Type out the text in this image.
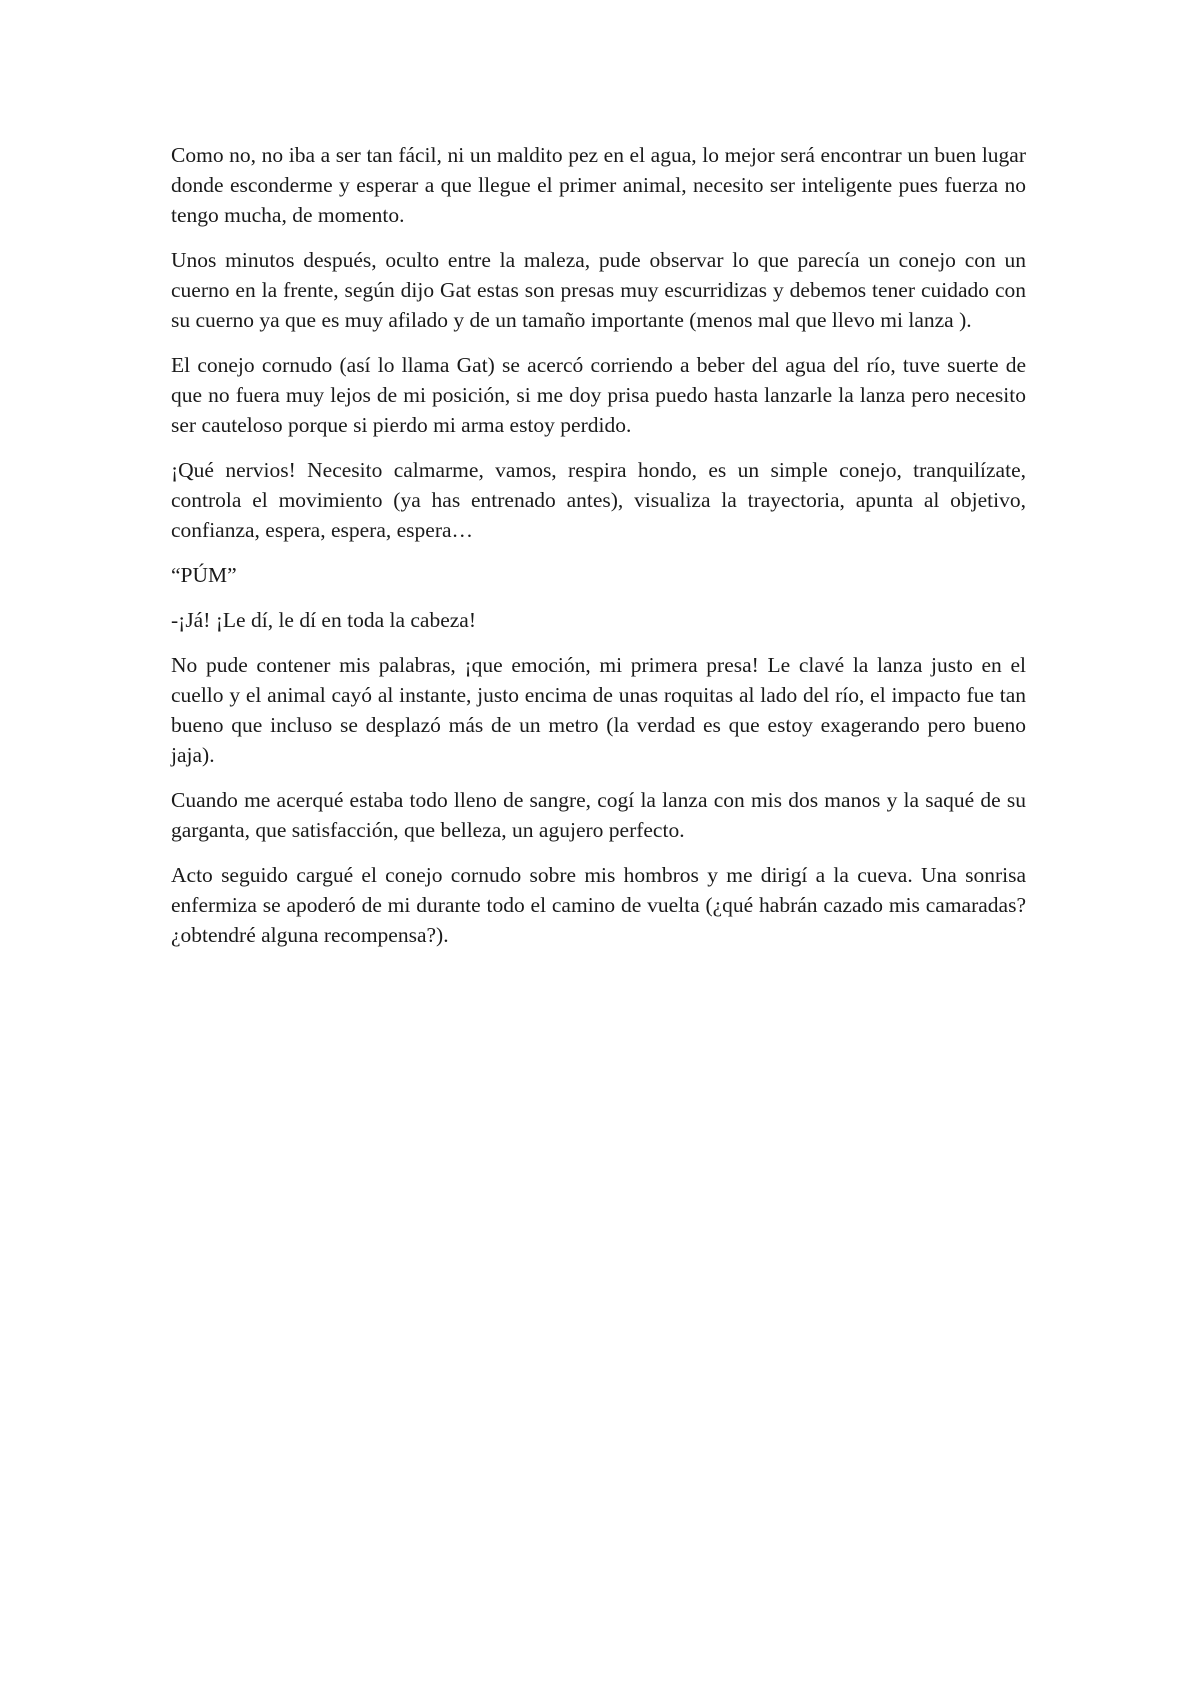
Como no, no iba a ser tan fácil, ni un maldito pez en el agua, lo mejor será encontrar un buen lugar donde esconderme y esperar a que llegue el primer animal, necesito ser inteligente pues fuerza no tengo mucha, de momento.

Unos minutos después, oculto entre la maleza, pude observar lo que parecía un conejo con un cuerno en la frente, según dijo Gat estas son presas muy escurridizas y debemos tener cuidado con su cuerno ya que es muy afilado y de un tamaño importante (menos mal que llevo mi lanza ).

El conejo cornudo (así lo llama Gat) se acercó corriendo a beber del agua del río, tuve suerte de que no fuera muy lejos de mi posición, si me doy prisa puedo hasta lanzarle la lanza pero necesito ser cauteloso porque si pierdo mi arma estoy perdido.

¡Qué nervios! Necesito calmarme, vamos, respira hondo, es un simple conejo, tranquilízate, controla el movimiento (ya has entrenado antes), visualiza la trayectoria, apunta al objetivo, confianza, espera, espera, espera…

“PÚM”

-¡Já! ¡Le dí, le dí en toda la cabeza!

No pude contener mis palabras, ¡que emoción, mi primera presa! Le clavé la lanza justo en el cuello y el animal cayó al instante, justo encima de unas roquitas al lado del río, el impacto fue tan bueno que incluso se desplazó más de un metro (la verdad es que estoy exagerando pero bueno jaja).

Cuando me acerqué estaba todo lleno de sangre, cogí la lanza con mis dos manos y la saqué de su garganta, que satisfacción, que belleza, un agujero perfecto.

Acto seguido cargué el conejo cornudo sobre mis hombros y me dirigí a la cueva. Una sonrisa enfermiza se apoderó de mi durante todo el camino de vuelta (¿qué habrán cazado mis camaradas?¿obtendré alguna recompensa?).
